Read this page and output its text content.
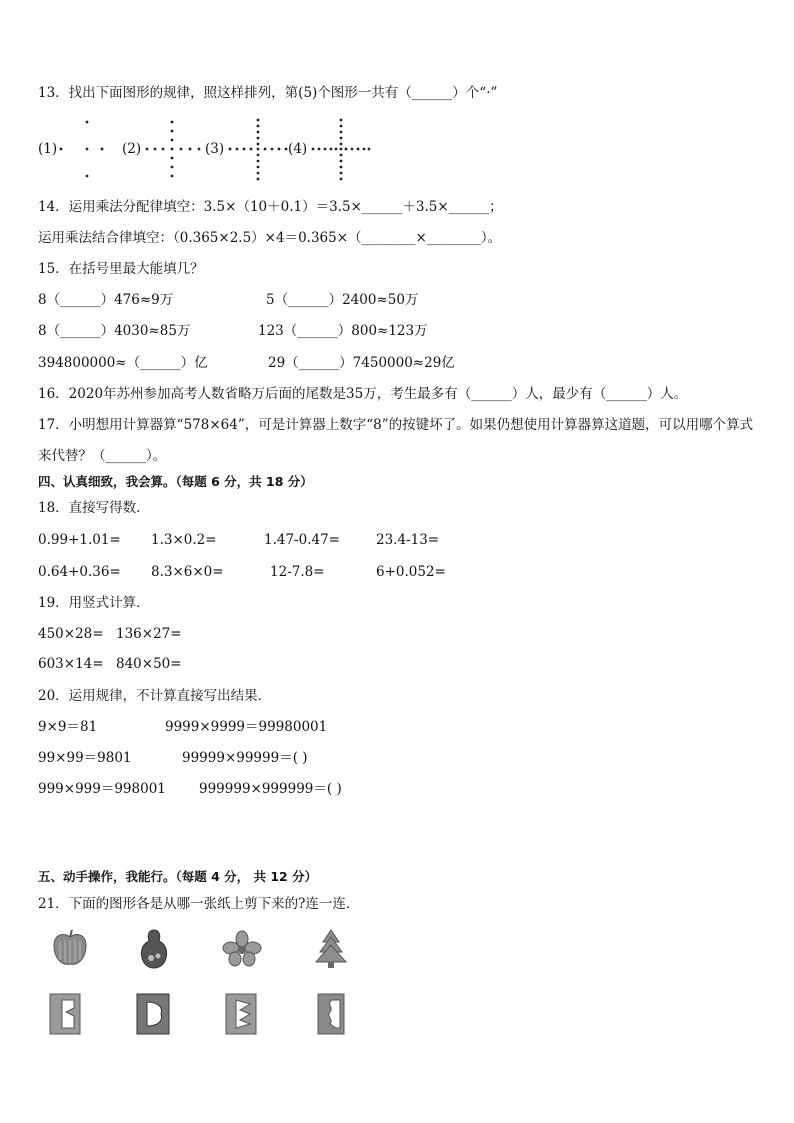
13．找出下面图形的规律，照这样排列，第(5)个图形一共有（______）个“·”
(1)	(2)	(3)	(4)
14．运用乘法分配律填空：3.5×（10＋0.1）＝3.5×______＋3.5×______；
运用乘法结合律填空：（0.365×2.5）×4＝0.365×（________×________）。
15．在括号里最大能填几？
8（______）476≈9万	5（______）2400≈50万
8（______）4030≈85万	123（______）800≈123万
394800000≈（______）亿	29（______）7450000≈29亿
16．2020年苏州参加高考人数省略万后面的尾数是35万，考生最多有（______）人，最少有（______）人。
17．小明想用计算器算“578×64”，可是计算器上数字“8”的按键坏了。如果仍想使用计算器算这道题，可以用哪个算式
来代替？（______）。
四、认真细致，我会算。（每题 6 分，共 18 分）
18．直接写得数．
0.99+1.01= 1.3×0.2=	1.47-0.47=	23.4-13=
0.64+0.36= 8.3×6×0=	12-7.8=	6+0.052=
19．用竖式计算．
450×28= 136×27=
603×14= 840×50=
20．运用规律，不计算直接写出结果．
9×9＝81	9999×9999＝99980001
99×99＝9801	99999×99999＝( )
999×999＝998001 999999×999999＝( )
五、动手操作，我能行。（每题 4 分， 共 12 分）
21．下面的图形各是从哪一张纸上剪下来的?连一连．
